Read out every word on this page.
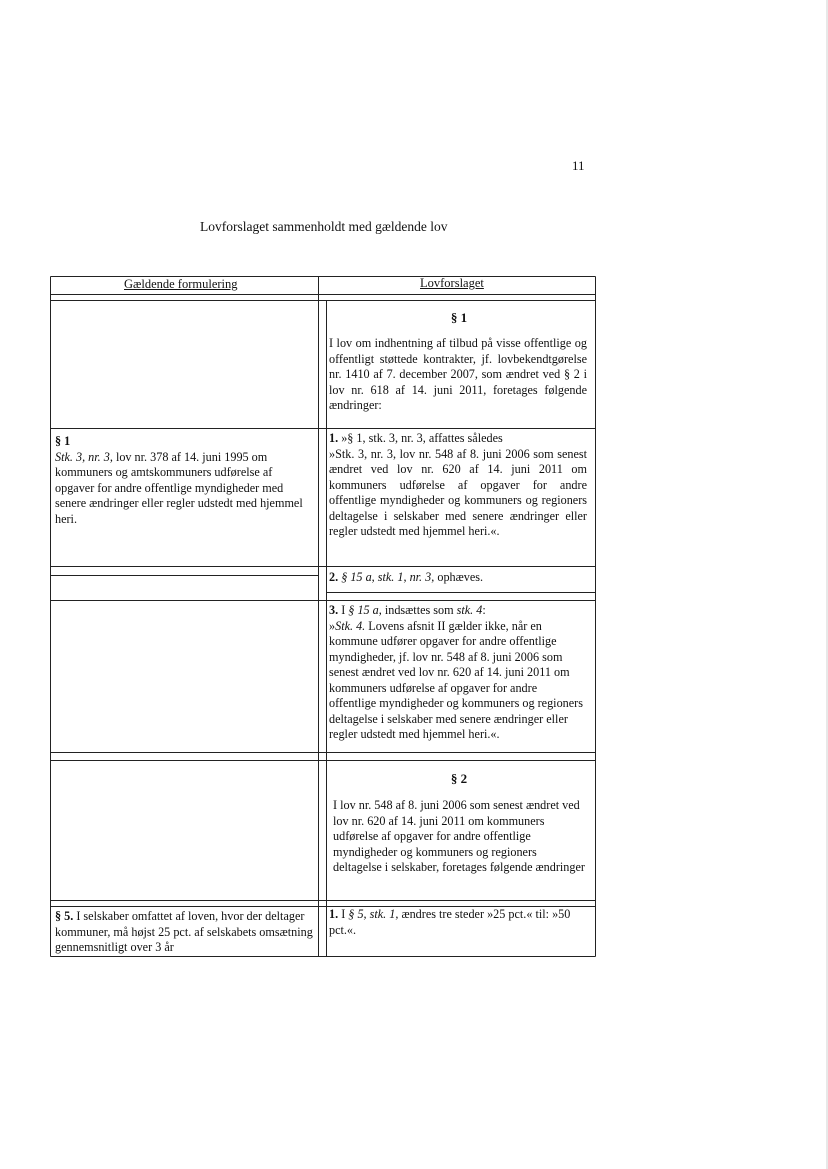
11
Lovforslaget sammenholdt med gældende lov
Gældende formulering	Lovforslaget
§ 1
I lov om indhentning af tilbud på visse offentlige og offentligt støttede kontrakter, jf. lovbekendtgørelse nr. 1410 af 7. december 2007, som ændret ved § 2 i lov nr. 618 af 14. juni 2011, foretages følgende ændringer:
§ 1
Stk. 3, nr. 3, lov nr. 378 af 14. juni 1995 om kommuners og amtskommuners udførelse af opgaver for andre offentlige myndigheder med senere ændringer eller regler udstedt med hjemmel heri.
1. »§ 1, stk. 3, nr. 3, affattes således
»Stk. 3, nr. 3, lov nr. 548 af 8. juni 2006 som senest ændret ved lov nr. 620 af 14. juni 2011 om kommuners udførelse af opgaver for andre offentlige myndigheder og kommuners og regioners deltagelse i selskaber med senere ændringer eller regler udstedt med hjemmel heri.«.
2. § 15 a, stk. 1, nr. 3, ophæves.
3. I § 15 a, indsættes som stk. 4:
»Stk. 4. Lovens afsnit II gælder ikke, når en kommune udfører opgaver for andre offentlige myndigheder, jf. lov nr. 548 af 8. juni 2006 som senest ændret ved lov nr. 620 af 14. juni 2011 om kommuners udførelse af opgaver for andre offentlige myndigheder og kommuners og regioners deltagelse i selskaber med senere ændringer eller regler udstedt med hjemmel heri.«.
§ 2
I lov nr. 548 af 8. juni 2006 som senest ændret ved lov nr. 620 af 14. juni 2011 om kommuners udførelse af opgaver for andre offentlige myndigheder og kommuners og regioners deltagelse i selskaber, foretages følgende ændringer
§ 5. I selskaber omfattet af loven, hvor der deltager kommuner, må højst 25 pct. af selskabets omsætning gennemsnitligt over 3 år
1. I § 5, stk. 1, ændres tre steder »25 pct.« til: »50 pct.«.
